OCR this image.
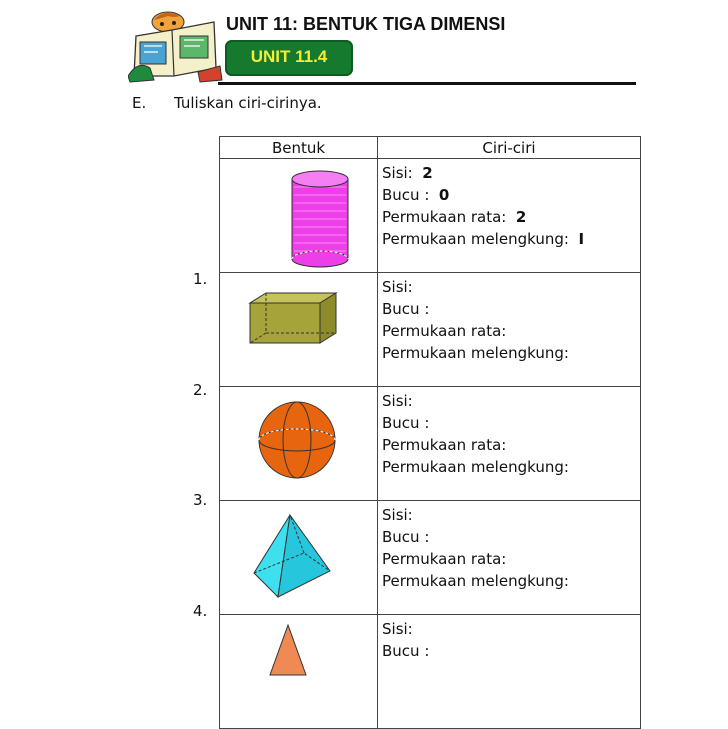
UNIT 11: BENTUK TIGA DIMENSI
UNIT 11.4
E. Tuliskan ciri-cirinya.
1.
2.
3.
4.
Bentuk	Ciri-ciri

Sisi: 2
Bucu : 0
Permukaan rata: 2
Permukaan melengkung: I

Sisi:
Bucu :
Permukaan rata:
Permukaan melengkung:

Sisi:
Bucu :
Permukaan rata:
Permukaan melengkung:

Sisi:
Bucu :
Permukaan rata:
Permukaan melengkung:

Sisi:
Bucu :
